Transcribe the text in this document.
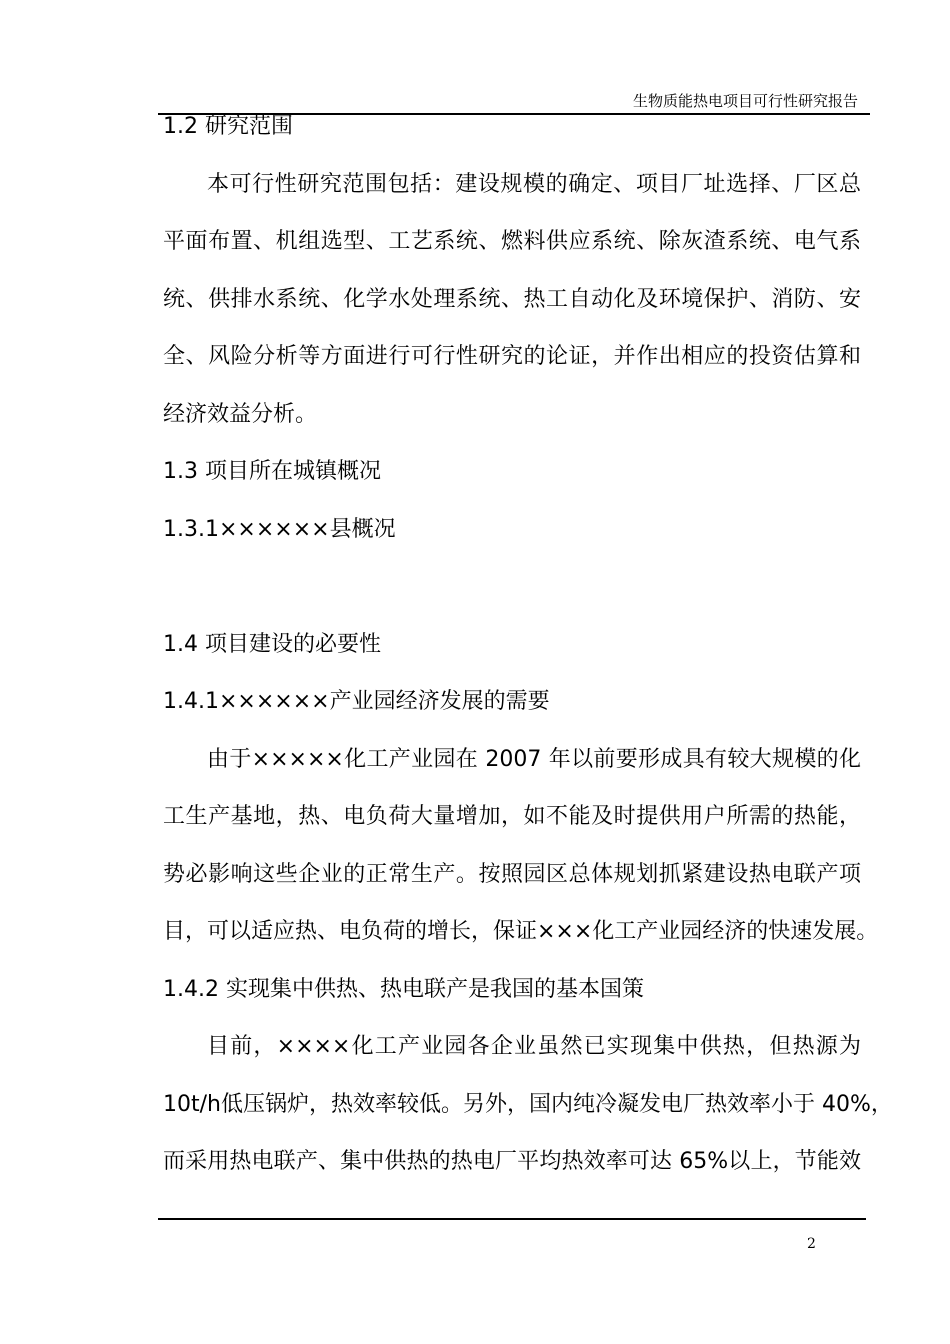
生物质能热电项目可行性研究报告
1.2 研究范围
本可行性研究范围包括：建设规模的确定、项目厂址选择、厂区总
平面布置、机组选型、工艺系统、燃料供应系统、除灰渣系统、电气系
统、供排水系统、化学水处理系统、热工自动化及环境保护、消防、安
全、风险分析等方面进行可行性研究的论证，并作出相应的投资估算和
经济效益分析。
1.3 项目所在城镇概况
1.3.1××××××县概况
1.4 项目建设的必要性
1.4.1××××××产业园经济发展的需要
由于×××××化工产业园在 2007 年以前要形成具有较大规模的化
工生产基地，热、电负荷大量增加，如不能及时提供用户所需的热能，
势必影响这些企业的正常生产。按照园区总体规划抓紧建设热电联产项
目，可以适应热、电负荷的增长，保证×××化工产业园经济的快速发展。
1.4.2 实现集中供热、热电联产是我国的基本国策
目前，××××化工产业园各企业虽然已实现集中供热，但热源为
10t/h低压锅炉，热效率较低。另外，国内纯冷凝发电厂热效率小于 40%，
而采用热电联产、集中供热的热电厂平均热效率可达 65%以上，节能效
2
